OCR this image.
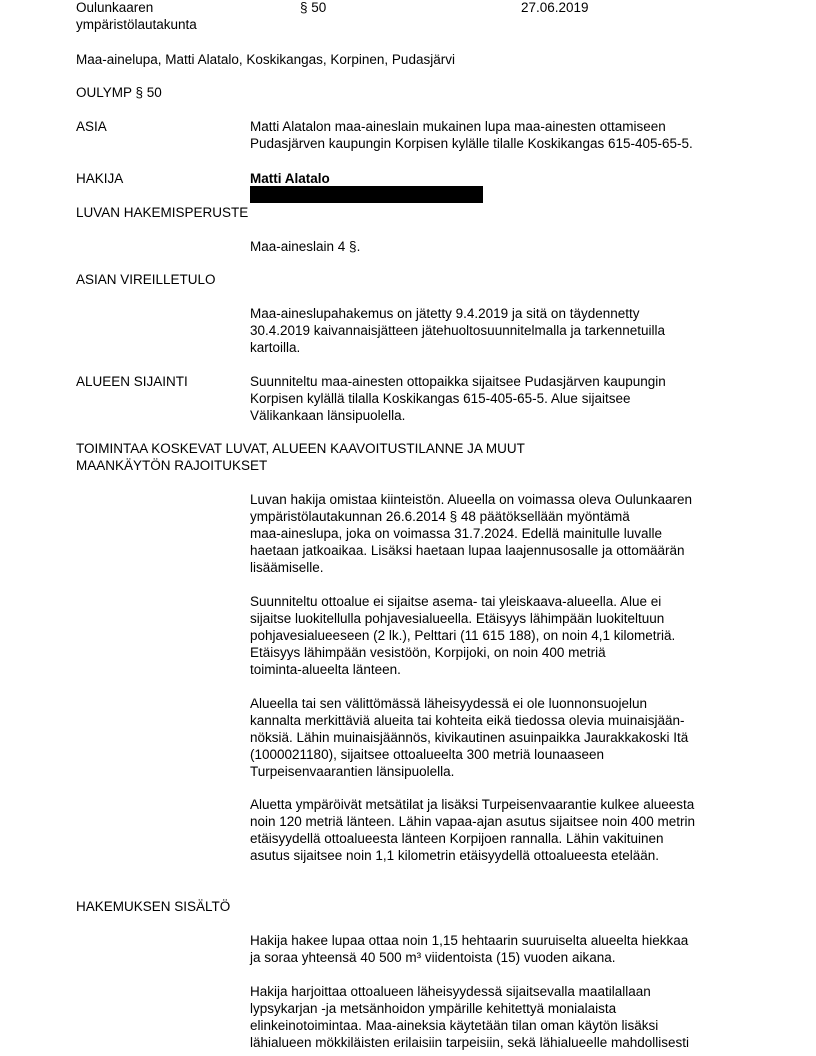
Oulunkaaren
ympäristölautakunta
§ 50	27.06.2019
Maa-ainelupa, Matti Alatalo, Koskikangas, Korpinen, Pudasjärvi
OULYMP § 50
ASIA	Matti Alatalon maa-aineslain mukainen lupa maa-ainesten ottamiseen
Pudasjärven kaupungin Korpisen kylälle tilalle Koskikangas 615-405-65-5.
HAKIJA	Matti Alatalo
LUVAN HAKEMISPERUSTE
Maa-aineslain 4 §.
ASIAN VIREILLETULO
Maa-aineslupahakemus on jätetty 9.4.2019 ja sitä on täydennetty
30.4.2019 kaivannaisjätteen jätehuoltosuunnitelmalla ja tarkennetuilla
kartoilla.
ALUEEN SIJAINTI	Suunniteltu maa-ainesten ottopaikka sijaitsee Pudasjärven kaupungin
Korpisen kylällä tilalla Koskikangas 615-405-65-5. Alue sijaitsee
Välikankaan länsipuolella.
TOIMINTAA KOSKEVAT LUVAT, ALUEEN KAAVOITUSTILANNE JA MUUT
MAANKÄYTÖN RAJOITUKSET
Luvan hakija omistaa kiinteistön. Alueella on voimassa oleva Oulunkaaren
ympäristölautakunnan 26.6.2014 § 48 päätöksellään myöntämä
maa-aineslupa, joka on voimassa 31.7.2024. Edellä mainitulle luvalle
haetaan jatkoaikaa. Lisäksi haetaan lupaa laajennusosalle ja ottomäärän
lisäämiselle.
Suunniteltu ottoalue ei sijaitse asema- tai yleiskaava-alueella. Alue ei
sijaitse luokitellulla pohjavesialueella. Etäisyys lähimpään luokiteltuun
pohjavesialueeseen (2 lk.), Pelttari (11 615 188), on noin 4,1 kilometriä.
Etäisyys lähimpään vesistöön, Korpijoki, on noin 400 metriä
toiminta-alueelta länteen.
Alueella tai sen välittömässä läheisyydessä ei ole luonnonsuojelun
kannalta merkittäviä alueita tai kohteita eikä tiedossa olevia muinaisjään-
nöksiä. Lähin muinaisjäännös, kivikautinen asuinpaikka Jaurakkakoski Itä
(1000021180), sijaitsee ottoalueelta 300 metriä lounaaseen
Turpeisenvaarantien länsipuolella.
Aluetta ympäröivät metsätilat ja lisäksi Turpeisenvaarantie kulkee alueesta
noin 120 metriä länteen. Lähin vapaa-ajan asutus sijaitsee noin 400 metrin
etäisyydellä ottoalueesta länteen Korpijoen rannalla. Lähin vakituinen
asutus sijaitsee noin 1,1 kilometrin etäisyydellä ottoalueesta etelään.
HAKEMUKSEN SISÄLTÖ
Hakija hakee lupaa ottaa noin 1,15 hehtaarin suuruiselta alueelta hiekkaa
ja soraa yhteensä 40 500 m³ viidentoista (15) vuoden aikana.
Hakija harjoittaa ottoalueen läheisyydessä sijaitsevalla maatilallaan
lypsykarjan -ja metsänhoidon ympärille kehitettyä monialaista
elinkeinotoimintaa. Maa-aineksia käytetään tilan oman käytön lisäksi
lähialueen mökkiläisten erilaisiin tarpeisiin, sekä lähialueelle mahdollisesti
